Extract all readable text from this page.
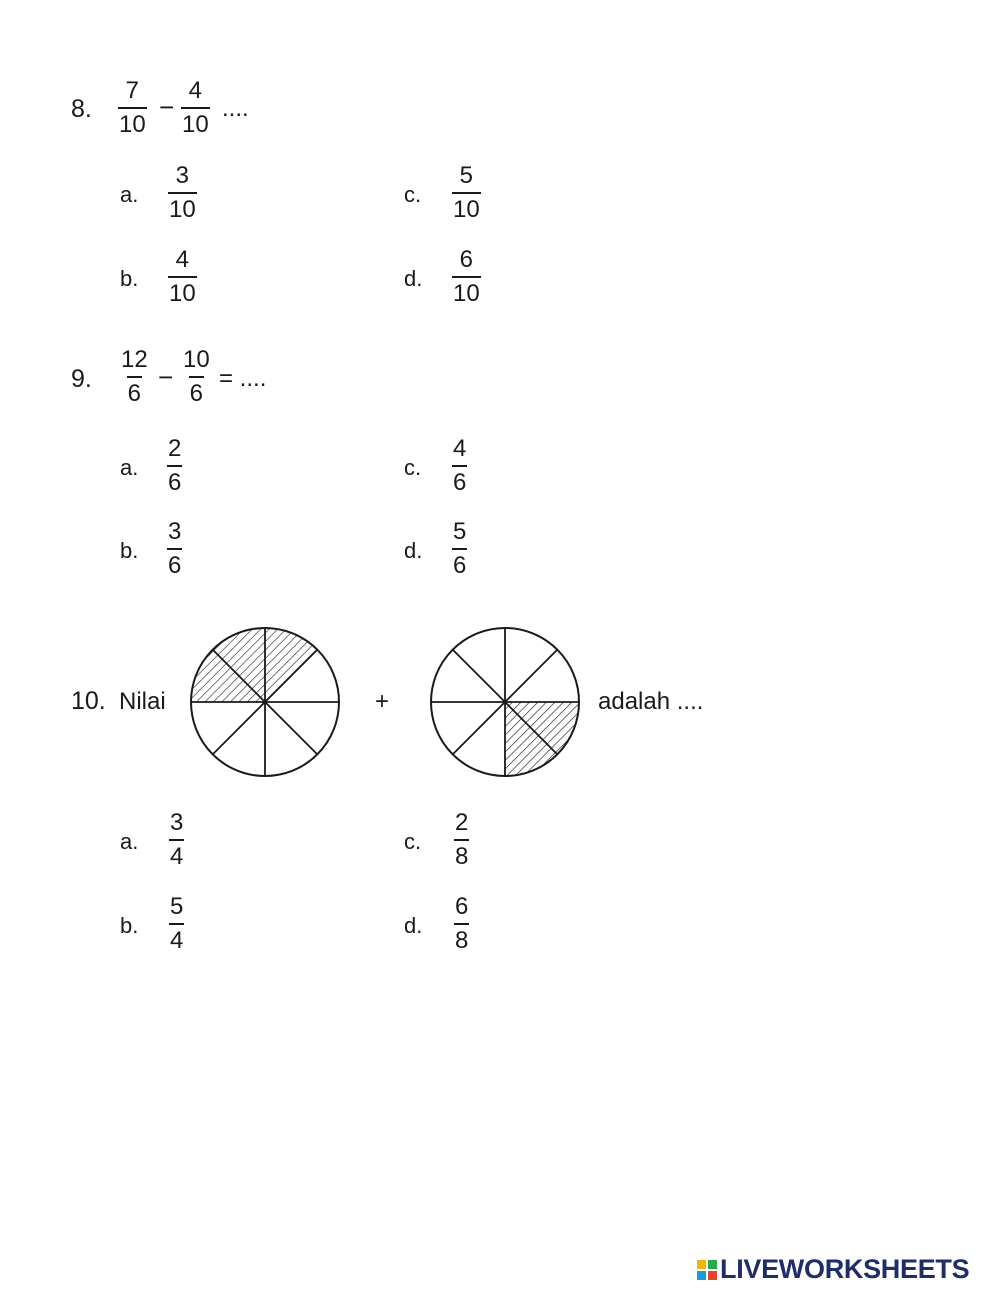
8. $\frac{7}{10} - \frac{4}{10}$ ....
a. $\frac{3}{10}$
b. $\frac{4}{10}$
c. $\frac{5}{10}$
d. $\frac{6}{10}$
9. $\frac{12}{6} - \frac{10}{6}$ = ....
a. $\frac{2}{6}$
b. $\frac{3}{6}$
c. $\frac{4}{6}$
d. $\frac{5}{6}$
10. Nilai	+	adalah ....
a. $\frac{3}{4}$
b. $\frac{5}{4}$
c. $\frac{2}{8}$
d. $\frac{6}{8}$
LIVEWORKSHEETS
